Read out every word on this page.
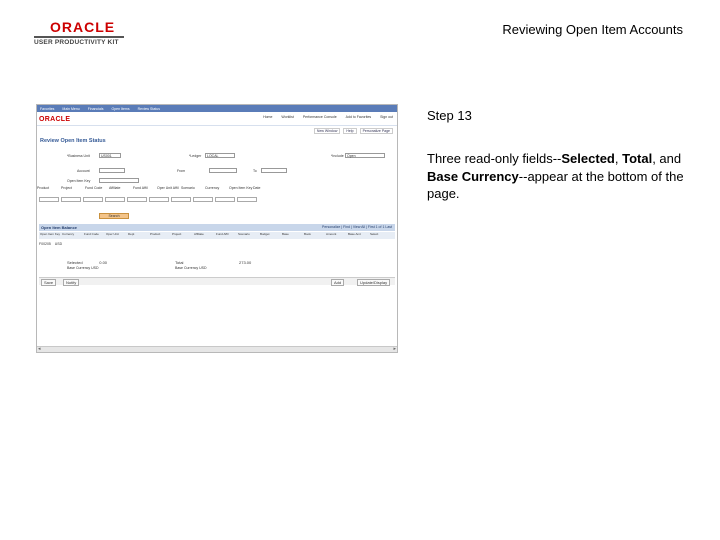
ORACLE
USER PRODUCTIVITY KIT
Reviewing Open Item Accounts
Favorites Main Menu Financials Open Items Review Status
ORACLE	Home	Worklist	Performance Console	Add to Favorites	Sign out
New Window	Help	Personalize Page
Review Open Item Status
*Business Unit	US001	*Ledger	LOCAL	*Include Open
Account	From	To
Open Item Key
Product	Project	Fund Code	Affiliate	Fund Affil	Oper Unit Affil Scenario	Currency	Open Item Key Date
Search
Open Item Balance	Personalize | Find | View All | First 1 of 1 Last
Open Item Key Currency	Fund Code	Oper Unit	Dept	Product	Project	Affiliate	Fund Affil	Scenario	Budget	Base	Book	Amount	Base Amt	Select
F00205 USD
Selected	0.00	Total	273.00
Base Currency USD	Base Currency USD
Save	Notify	Add	Update/Display
◂	▸
Step 13
Three read-only fields--Selected, Total, and Base Currency--appear at the bottom of the page.
